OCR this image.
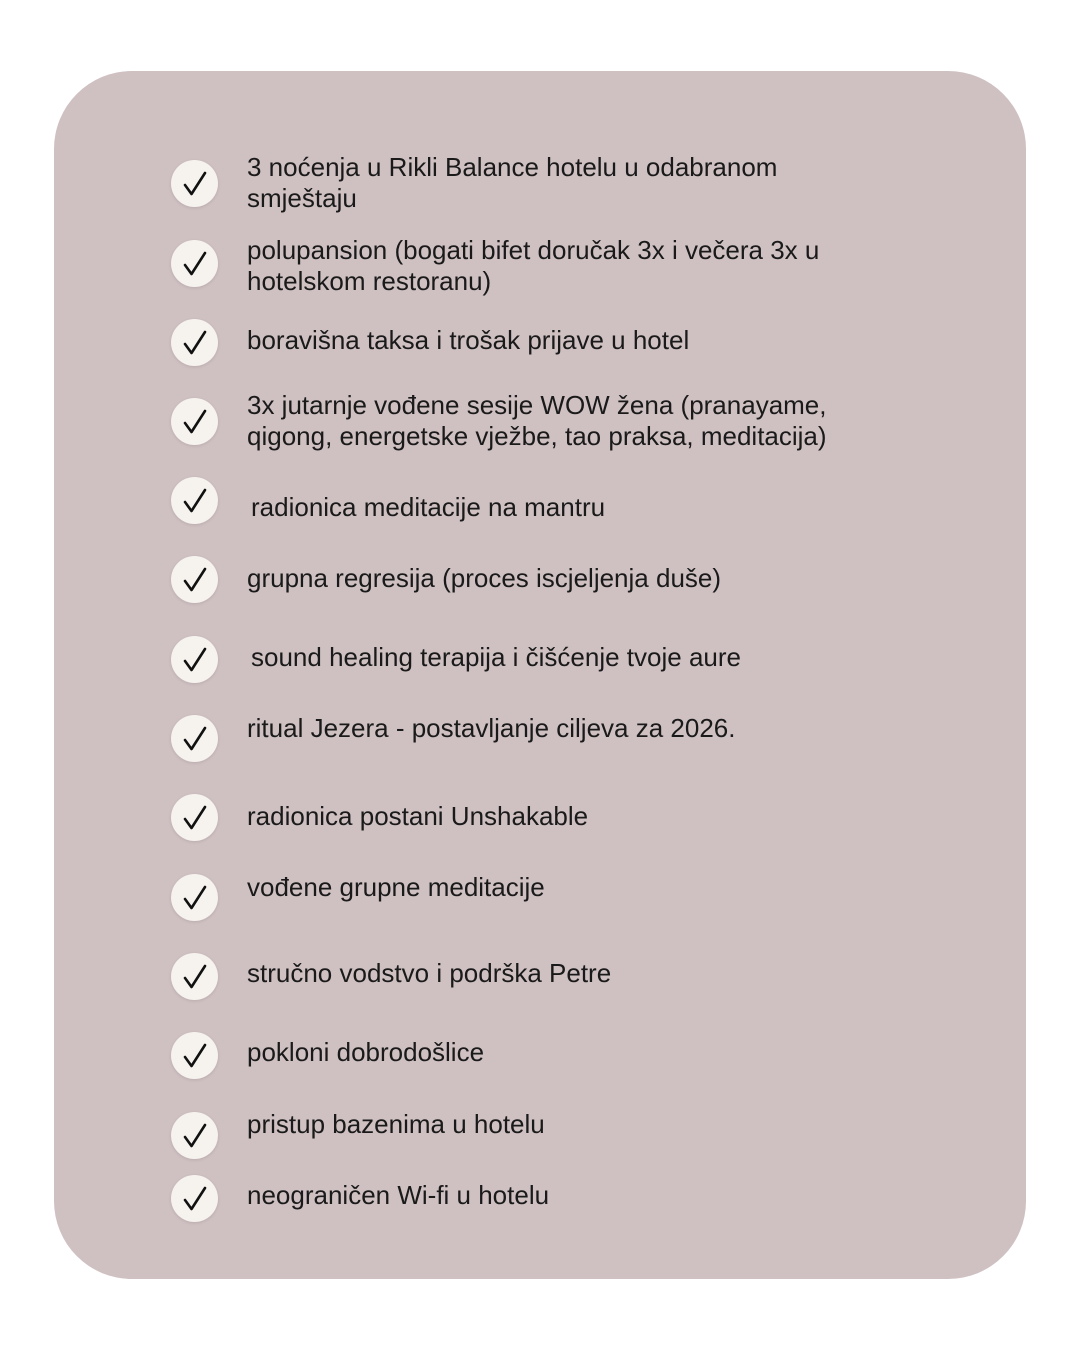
3 noćenja u Rikli Balance hotelu u odabranom smještaju
polupansion (bogati bifet doručak 3x i večera 3x u hotelskom restoranu)
boravišna taksa i trošak prijave u hotel
3x jutarnje vođene sesije WOW žena (pranayame, qigong, energetske vježbe, tao praksa, meditacija)
radionica meditacije na mantru
grupna regresija (proces iscjeljenja duše)
sound healing terapija i čišćenje tvoje aure
ritual Jezera - postavljanje ciljeva za 2026.
radionica postani Unshakable
vođene grupne meditacije
stručno vodstvo i podrška Petre
pokloni dobrodošlice
pristup bazenima u hotelu
neograničen Wi-fi u hotelu
